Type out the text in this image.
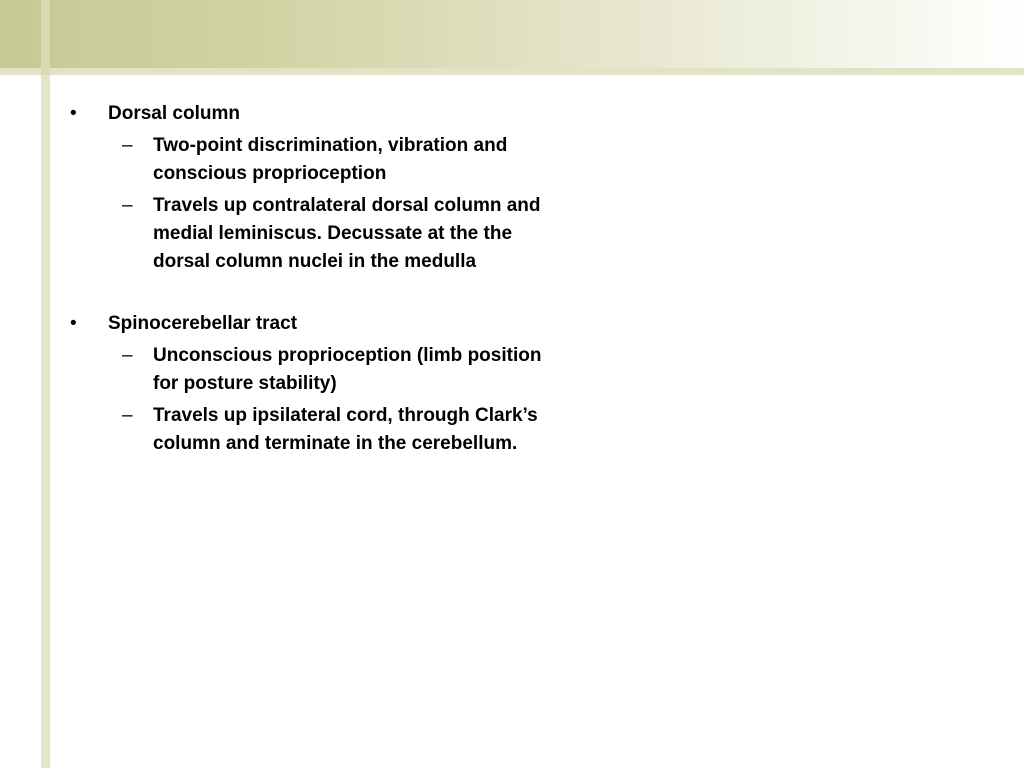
•	Dorsal column
–	Two-point discrimination, vibration and conscious proprioception
–	Travels up contralateral dorsal column and medial leminiscus. Decussate at the the dorsal column nuclei in the medulla
•	Spinocerebellar tract
–	Unconscious proprioception (limb position for posture stability)
–	Travels up ipsilateral cord, through Clark’s column and terminate in the cerebellum.
